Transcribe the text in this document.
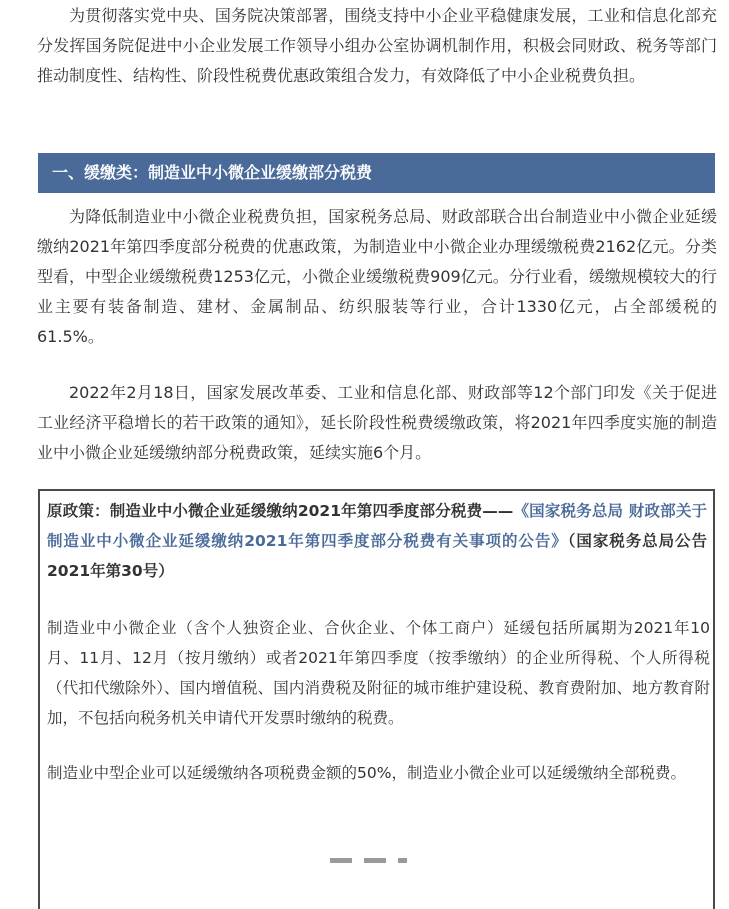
为贯彻落实党中央、国务院决策部署，围绕支持中小企业平稳健康发展，工业和信息化部充分发挥国务院促进中小企业发展工作领导小组办公室协调机制作用，积极会同财政、税务等部门推动制度性、结构性、阶段性税费优惠政策组合发力，有效降低了中小企业税费负担。

一、缓缴类：制造业中小微企业缓缴部分税费

为降低制造业中小微企业税费负担，国家税务总局、财政部联合出台制造业中小微企业延缓缴纳2021年第四季度部分税费的优惠政策，为制造业中小微企业办理缓缴税费2162亿元。分类型看，中型企业缓缴税费1253亿元，小微企业缓缴税费909亿元。分行业看，缓缴规模较大的行业主要有装备制造、建材、金属制品、纺织服装等行业，合计1330亿元，占全部缓税的61.5%。

2022年2月18日，国家发展改革委、工业和信息化部、财政部等12个部门印发《关于促进工业经济平稳增长的若干政策的通知》，延长阶段性税费缓缴政策，将2021年四季度实施的制造业中小微企业延缓缴纳部分税费政策，延续实施6个月。

原政策：制造业中小微企业延缓缴纳2021年第四季度部分税费——《国家税务总局 财政部关于制造业中小微企业延缓缴纳2021年第四季度部分税费有关事项的公告》（国家税务总局公告2021年第30号）

制造业中小微企业（含个人独资企业、合伙企业、个体工商户）延缓包括所属期为2021年10月、11月、12月（按月缴纳）或者2021年第四季度（按季缴纳）的企业所得税、个人所得税（代扣代缴除外）、国内增值税、国内消费税及附征的城市维护建设税、教育费附加、地方教育附加，不包括向税务机关申请代开发票时缴纳的税费。

制造业中型企业可以延缓缴纳各项税费金额的50%，制造业小微企业可以延缓缴纳全部税费。
